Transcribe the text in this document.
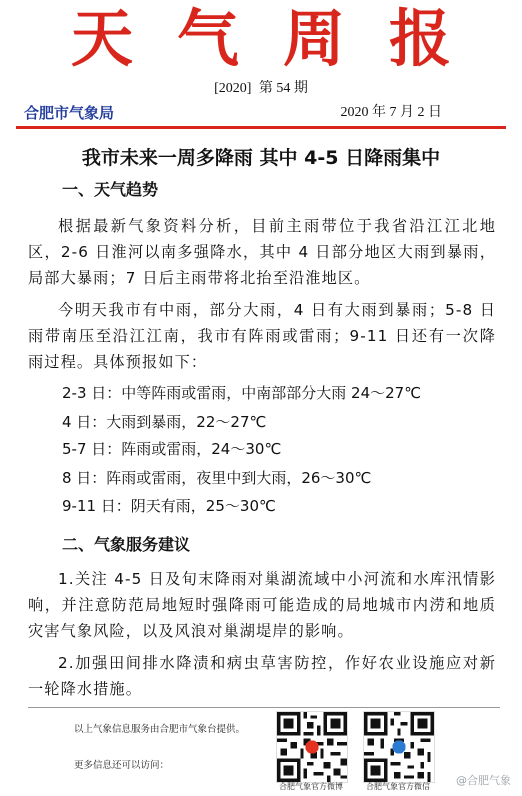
天气周报
[2020] 第 54 期
合肥市气象局	2020 年 7 月 2 日
我市未来一周多降雨 其中 4-5 日降雨集中
一、天气趋势
根据最新气象资料分析，目前主雨带位于我省沿江江北地区，2-6 日淮河以南多强降水，其中 4 日部分地区大雨到暴雨，局部大暴雨；7 日后主雨带将北抬至沿淮地区。
今明天我市有中雨，部分大雨，4 日有大雨到暴雨；5-8 日雨带南压至沿江江南，我市有阵雨或雷雨；9-11 日还有一次降雨过程。具体预报如下：
2-3 日：中等阵雨或雷雨，中南部部分大雨 24～27℃
4 日：大雨到暴雨，22～27℃
5-7 日：阵雨或雷雨，24～30℃
8 日：阵雨或雷雨，夜里中到大雨，26～30℃
9-11 日：阴天有雨，25～30℃
二、气象服务建议
1.关注 4-5 日及旬末降雨对巢湖流域中小河流和水库汛情影响，并注意防范局地短时强降雨可能造成的局地城市内涝和地质灾害气象风险，以及风浪对巢湖堤岸的影响。
2.加强田间排水降渍和病虫草害防控，作好农业设施应对新一轮降水措施。
以上气象信息服务由合肥市气象台提供。
更多信息还可以访问：
合肥气象官方微博	合肥气象官方微信	@合肥气象
